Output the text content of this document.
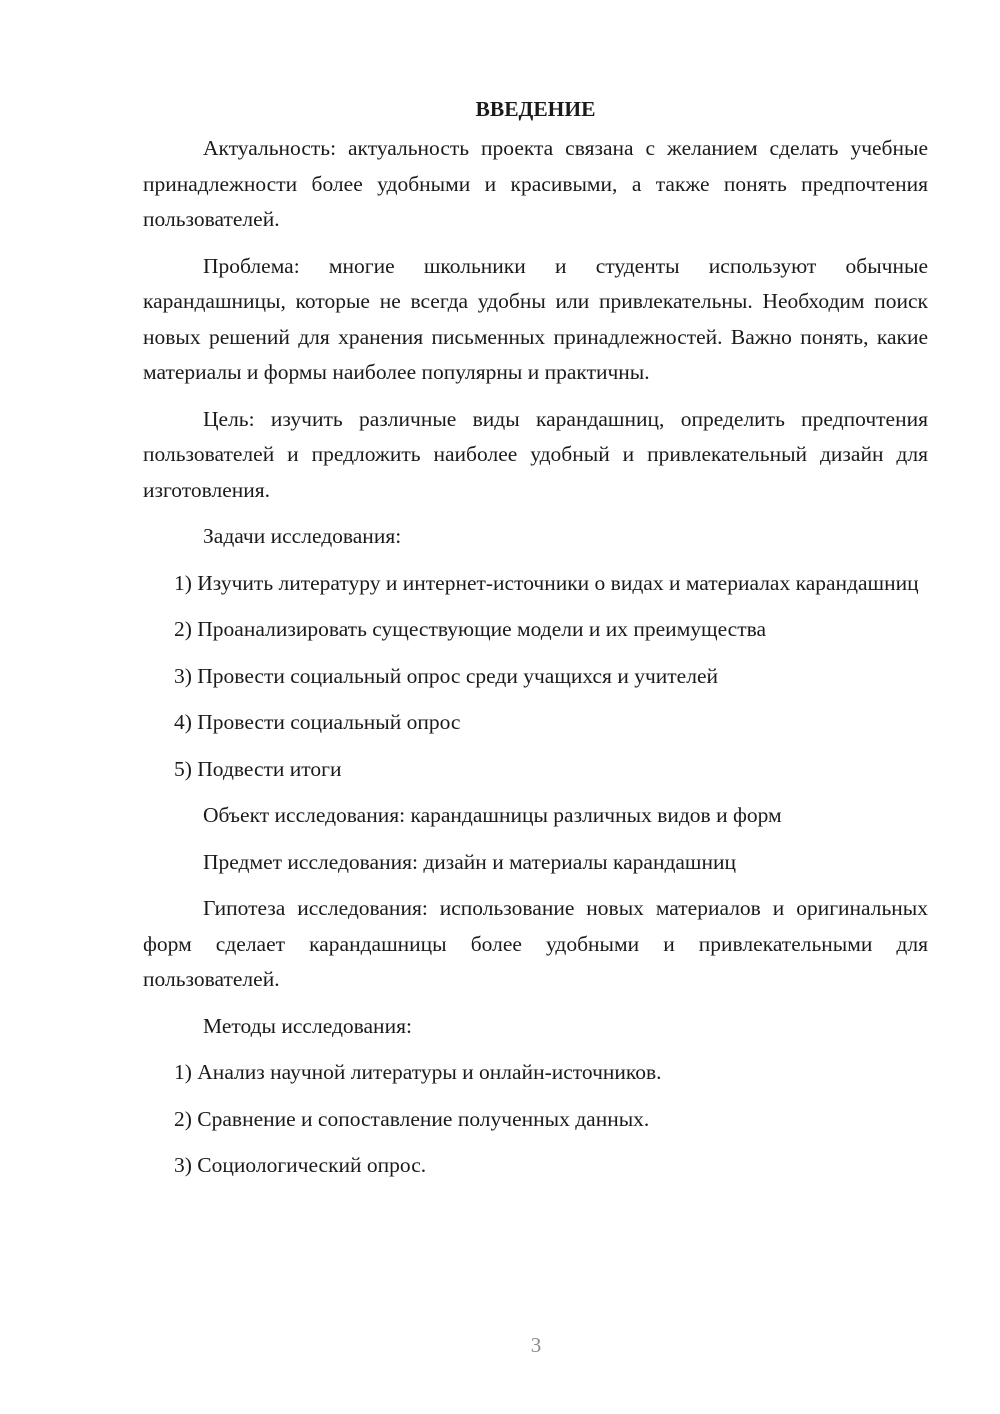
ВВЕДЕНИЕ

Актуальность: актуальность проекта связана с желанием сделать учебные принадлежности более удобными и красивыми, а также понять предпочтения пользователей.

Проблема: многие школьники и студенты используют обычные карандашницы, которые не всегда удобны или привлекательны. Необходим поиск новых решений для хранения письменных принадлежностей. Важно понять, какие материалы и формы наиболее популярны и практичны.

Цель: изучить различные виды карандашниц, определить предпочтения пользователей и предложить наиболее удобный и привлекательный дизайн для изготовления.

Задачи исследования:

1) Изучить литературу и интернет-источники о видах и материалах карандашниц

2) Проанализировать существующие модели и их преимущества

3) Провести социальный опрос среди учащихся и учителей

4) Провести социальный опрос

5) Подвести итоги

Объект исследования: карандашницы различных видов и форм

Предмет исследования: дизайн и материалы карандашниц

Гипотеза исследования: использование новых материалов и оригинальных форм сделает карандашницы более удобными и привлекательными для пользователей.

Методы исследования:

1) Анализ научной литературы и онлайн-источников.

2) Сравнение и сопоставление полученных данных.

3) Социологический опрос.

3
